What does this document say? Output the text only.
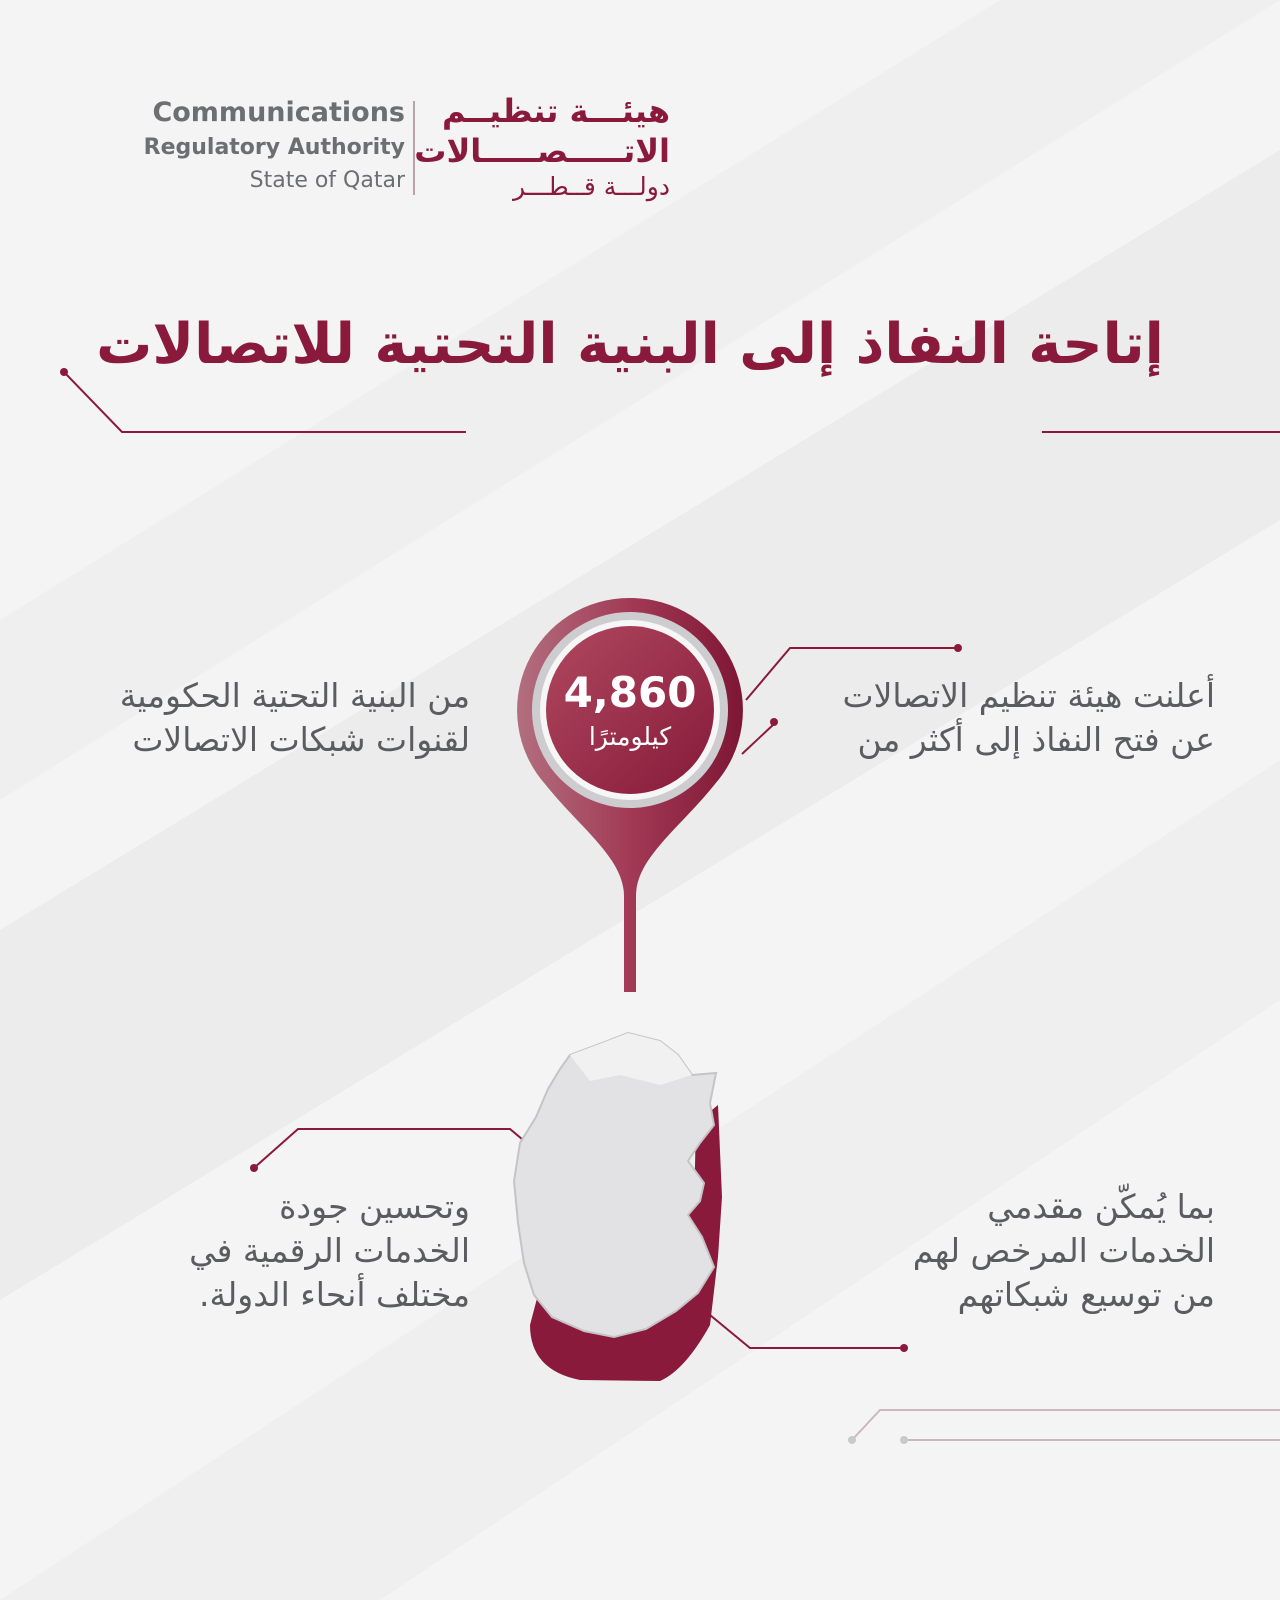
Communications
Regulatory Authority
State of Qatar
هيئـــة تنظيــم
الاتـــــصـــــالات
دولـــة قــطـــر
إتاحة النفاذ إلى البنية التحتية للاتصالات
4,860
كيلومترًا
أعلنت هيئة تنظيم الاتصالات
عن فتح النفاذ إلى أكثر من
من البنية التحتية الحكومية
لقنوات شبكات الاتصالات
وتحسين جودة
الخدمات الرقمية في
مختلف أنحاء الدولة.
بما يُمكّن مقدمي
الخدمات المرخص لهم
من توسيع شبكاتهم
